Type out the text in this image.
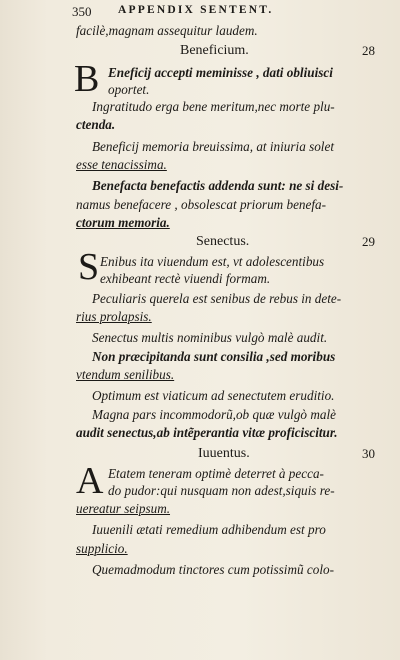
350 APPENDIX SENTENT.
facilè,magnam assequitur laudem.
Beneficium.	28
B Eneficij accepti meminisse , dati obliuisci
oportet.
Ingratitudo erga bene meritum,nec morte plu-
ctenda.
Beneficij memoria breuissima, at iniuria solet
esse tenacissima.
Benefacta benefactis addenda sunt: ne si desi-
namus benefacere , obsolescat priorum benefa-
ctorum memoria.
Senectus.	29
S Enibus ita viuendum est, vt adolescentibus
exhibeant rectè viuendi formam.
Peculiaris querela est senibus de rebus in dete-
rius prolapsis.
Senectus multis nominibus vulgò malè audit.
Non præcipitanda sunt consilia ,sed moribus
vtendum senilibus.
Optimum est viaticum ad senectutem eruditio.
Magna pars incommodorũ,ob quæ vulgò malè
audit senectus,ab intẽperantia vitæ proficiscitur.
Iuuentus.	30
A Etatem teneram optimè deterret à pecca-
do pudor:qui nusquam non adest,siquis re-
uereatur seipsum.
Iuuenili ætati remedium adhibendum est pro
supplicio.
Quemadmodum tinctores cum potissimũ colo-
